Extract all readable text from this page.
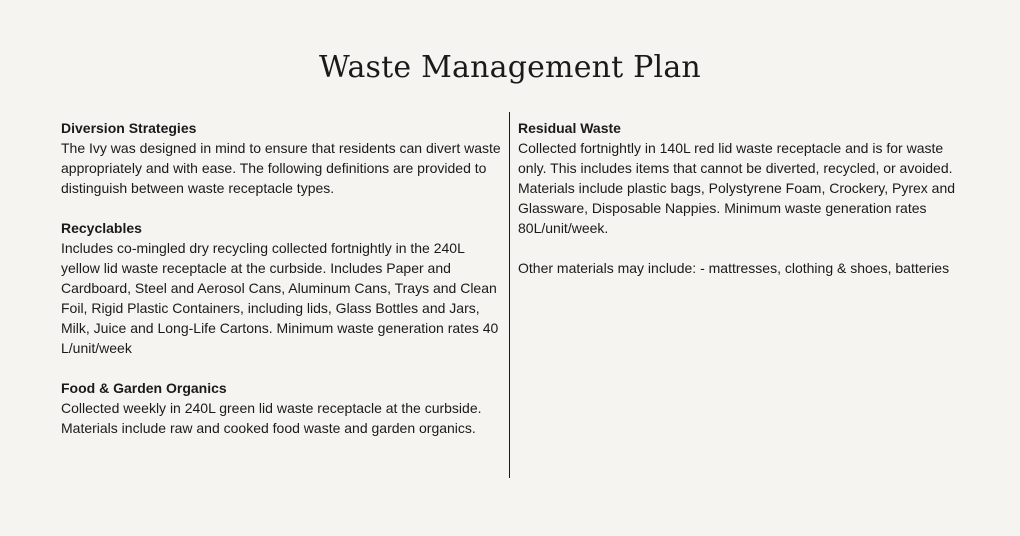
Waste Management Plan
Diversion Strategies

The Ivy was designed in mind to ensure that residents can divert waste appropriately and with ease. The following definitions are provided to distinguish between waste receptacle types.

Recyclables

Includes co-mingled dry recycling collected fortnightly in the 240L yellow lid waste receptacle at the curbside. Includes Paper and Cardboard, Steel and Aerosol Cans, Aluminum Cans, Trays and Clean Foil, Rigid Plastic Containers, including lids, Glass Bottles and Jars, Milk, Juice and Long-Life Cartons. Minimum waste generation rates 40 L/unit/week

Food & Garden Organics

Collected weekly in 240L green lid waste receptacle at the curbside. Materials include raw and cooked food waste and garden organics.

Residual Waste

Collected fortnightly in 140L red lid waste receptacle and is for waste only. This includes items that cannot be diverted, recycled, or avoided. Materials include plastic bags, Polystyrene Foam, Crockery, Pyrex and Glassware, Disposable Nappies. Minimum waste generation rates 80L/unit/week.

Other materials may include: - mattresses, clothing & shoes, batteries
